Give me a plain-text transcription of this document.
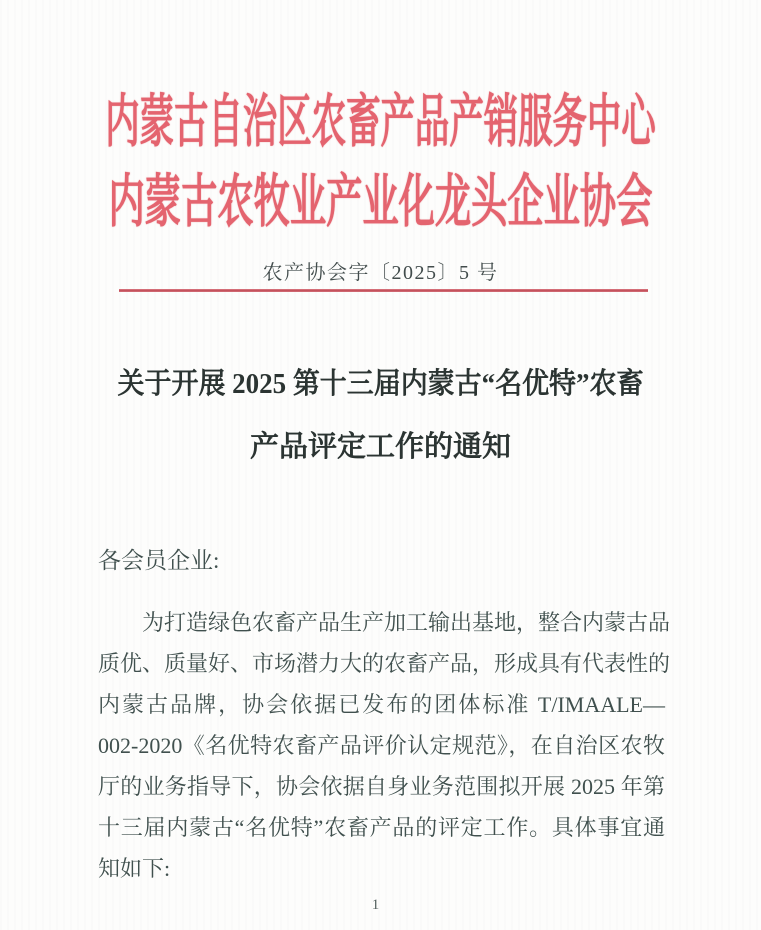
内蒙古自治区农畜产品产销服务中心
内蒙古农牧业产业化龙头企业协会
农产协会字〔2025〕5 号
关于开展 2025 第十三届内蒙古“名优特”农畜
产品评定工作的通知
各会员企业:
为打造绿色农畜产品生产加工输出基地，整合内蒙古品
质优、质量好、市场潜力大的农畜产品，形成具有代表性的
内蒙古品牌，协会依据已发布的团体标准 T/IMAALE—
002-2020《名优特农畜产品评价认定规范》，在自治区农牧
厅的业务指导下，协会依据自身业务范围拟开展 2025 年第
十三届内蒙古“名优特”农畜产品的评定工作。具体事宜通
知如下:
1
